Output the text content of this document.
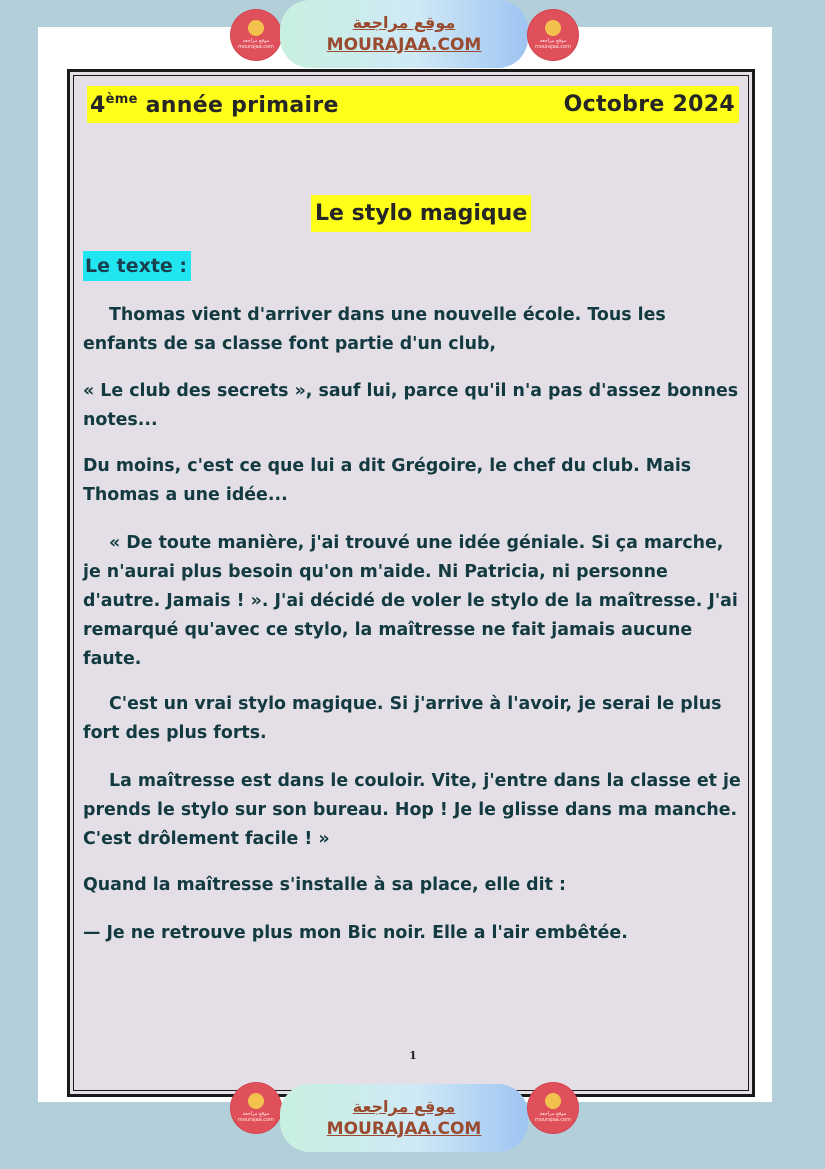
موقع مراجعة
mourajaa.com
موقع مراجعة
MOURAJAA.COM	موقع مراجعة
mourajaa.com
4ème année primaire	Octobre 2024
Le stylo magique
Le texte :

Thomas vient d'arriver dans une nouvelle école. Tous les enfants de sa classe font partie d'un club,

« Le club des secrets », sauf lui, parce qu'il n'a pas d'assez bonnes notes...

Du moins, c'est ce que lui a dit Grégoire, le chef du club. Mais Thomas a une idée...

« De toute manière, j'ai trouvé une idée géniale. Si ça marche, je n'aurai plus besoin qu'on m'aide. Ni Patricia, ni personne d'autre. Jamais ! ». J'ai décidé de voler le stylo de la maîtresse. J'ai remarqué qu'avec ce stylo, la maîtresse ne fait jamais aucune faute.

C'est un vrai stylo magique. Si j'arrive à l'avoir, je serai le plus fort des plus forts.

La maîtresse est dans le couloir. Vite, j'entre dans la classe et je prends le stylo sur son bureau. Hop ! Je le glisse dans ma manche. C'est drôlement facile ! »

Quand la maîtresse s'installe à sa place, elle dit :

— Je ne retrouve plus mon Bic noir. Elle a l'air embêtée.

1
موقع مراجعة
mourajaa.com
موقع مراجعة
MOURAJAA.COM
موقع مراجعة
mourajaa.com
